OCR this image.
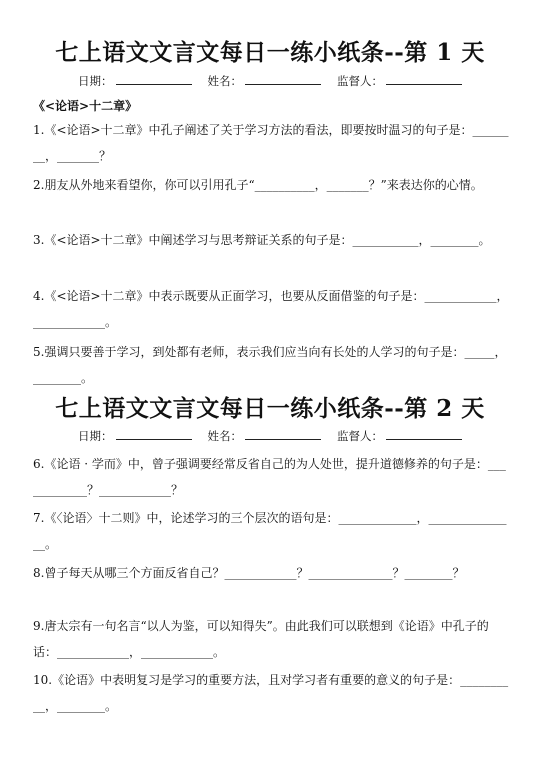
七上语文文言文每日一练小纸条--第 1 天
日期：	姓名：	监督人：
《<论语>十二章》
1.《<论语>十二章》中孔子阐述了关于学习方法的看法，即要按时温习的句子是：________，_______？
2.朋友从外地来看望你，你可以引用孔子“__________，_______？”来表达你的心情。
3.《<论语>十二章》中阐述学习与思考辩证关系的句子是：___________，________。
4.《<论语>十二章》中表示既要从正面学习，也要从反面借鉴的句子是：____________，____________。
5.强调只要善于学习，到处都有老师，表示我们应当向有长处的人学习的句子是：_____，________。
七上语文文言文每日一练小纸条--第 2 天
日期：	姓名：	监督人：
6.《论语 · 学而》中，曾子强调要经常反省自己的为人处世，提升道德修养的句子是：____________？____________？
7.《〈论语〉十二则》中，论述学习的三个层次的语句是：_____________，_______________。
8.曾子每天从哪三个方面反省自己？____________？______________？________？
9.唐太宗有一句名言“以人为鉴，可以知得失”。由此我们可以联想到《论语》中孔子的话：____________，____________。
10.《论语》中表明复习是学习的重要方法，且对学习者有重要的意义的句子是：__________，________。
